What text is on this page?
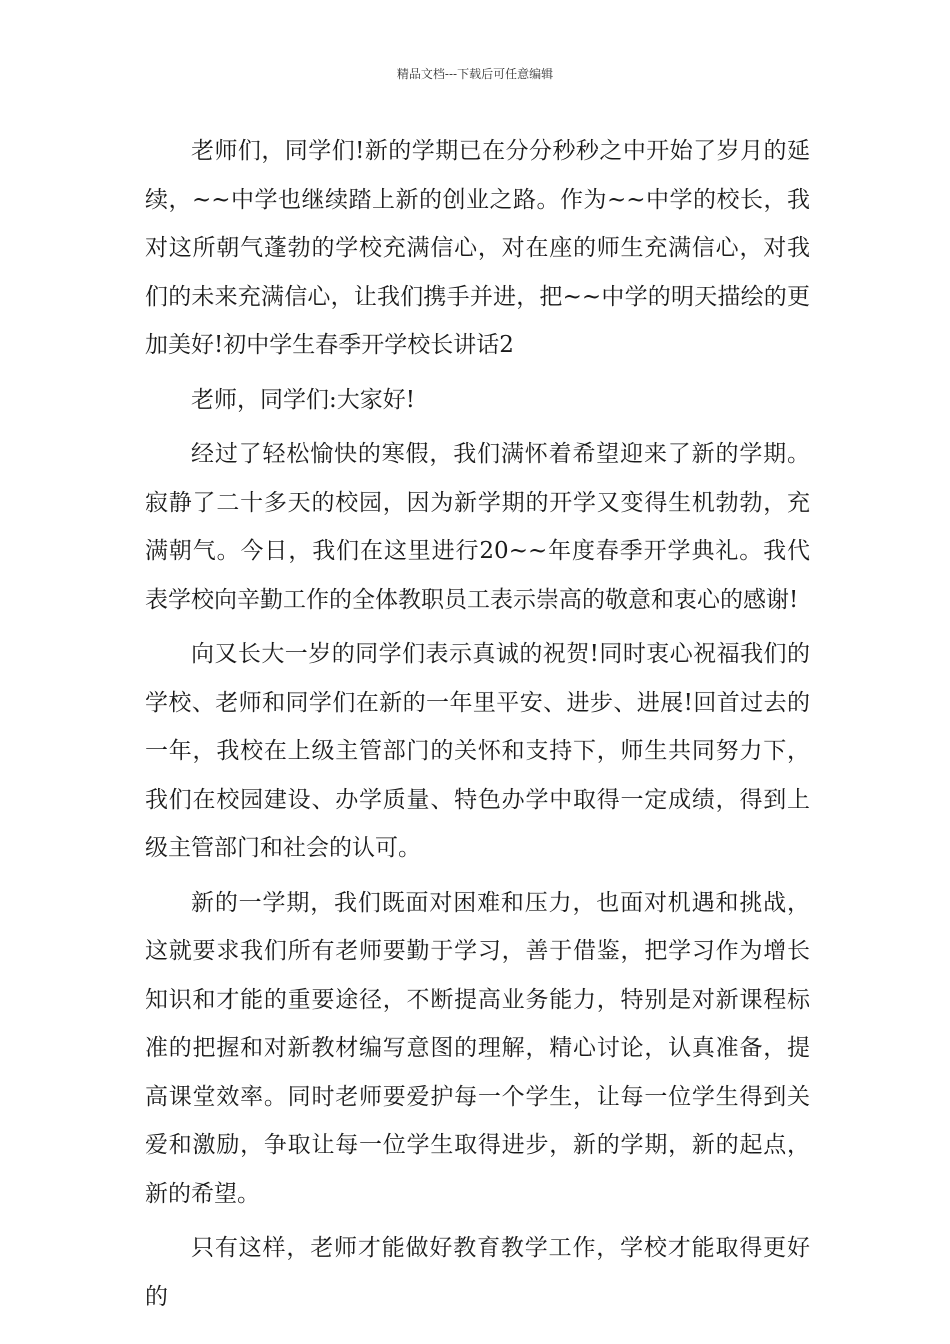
精品文档---下载后可任意编辑

老师们，同学们!新的学期已在分分秒秒之中开始了岁月的延续，~~中学也继续踏上新的创业之路。作为~~中学的校长，我对这所朝气蓬勃的学校充满信心，对在座的师生充满信心，对我们的未来充满信心，让我们携手并进，把~~中学的明天描绘的更加美好!初中学生春季开学校长讲话2

老师，同学们:大家好!

经过了轻松愉快的寒假，我们满怀着希望迎来了新的学期。寂静了二十多天的校园，因为新学期的开学又变得生机勃勃，充满朝气。今日，我们在这里进行20~~年度春季开学典礼。我代表学校向辛勤工作的全体教职员工表示崇高的敬意和衷心的感谢!

向又长大一岁的同学们表示真诚的祝贺!同时衷心祝福我们的学校、老师和同学们在新的一年里平安、进步、进展!回首过去的一年，我校在上级主管部门的关怀和支持下，师生共同努力下，我们在校园建设、办学质量、特色办学中取得一定成绩，得到上级主管部门和社会的认可。

新的一学期，我们既面对困难和压力，也面对机遇和挑战，这就要求我们所有老师要勤于学习，善于借鉴，把学习作为增长知识和才能的重要途径，不断提高业务能力，特别是对新课程标准的把握和对新教材编写意图的理解，精心讨论，认真准备，提高课堂效率。同时老师要爱护每一个学生，让每一位学生得到关爱和激励，争取让每一位学生取得进步，新的学期，新的起点，新的希望。

只有这样，老师才能做好教育教学工作，学校才能取得更好的
